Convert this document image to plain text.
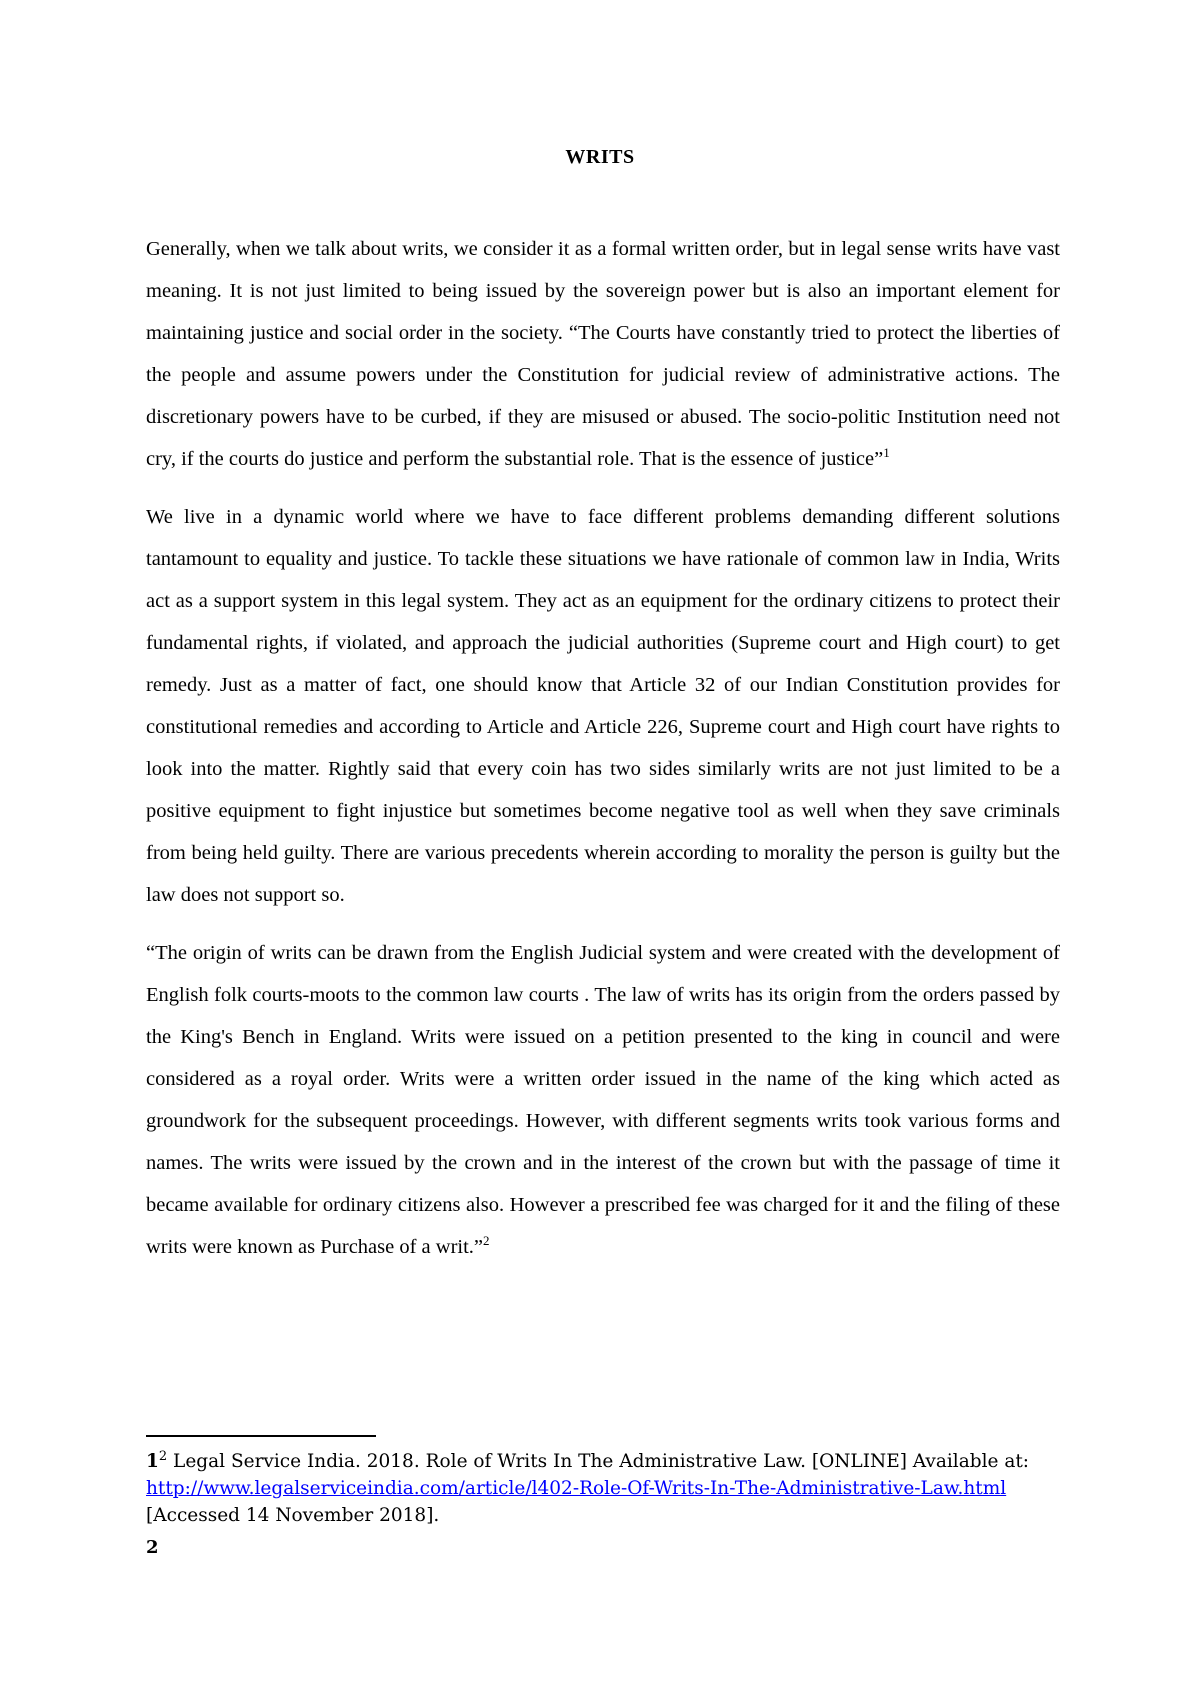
WRITS

Generally, when we talk about writs, we consider it as a formal written order, but in legal sense writs have vast meaning. It is not just limited to being issued by the sovereign power but is also an important element for maintaining justice and social order in the society. “The Courts have constantly tried to protect the liberties of the people and assume powers under the Constitution for judicial review of administrative actions. The discretionary powers have to be curbed, if they are misused or abused. The socio-politic Institution need not cry, if the courts do justice and perform the substantial role. That is the essence of justice”$^1$

We live in a dynamic world where we have to face different problems demanding different solutions tantamount to equality and justice. To tackle these situations we have rationale of common law in India, Writs act as a support system in this legal system. They act as an equipment for the ordinary citizens to protect their fundamental rights, if violated, and approach the judicial authorities (Supreme court and High court) to get remedy. Just as a matter of fact, one should know that Article 32 of our Indian Constitution provides for constitutional remedies and according to Article and Article 226, Supreme court and High court have rights to look into the matter. Rightly said that every coin has two sides similarly writs are not just limited to be a positive equipment to fight injustice but sometimes become negative tool as well when they save criminals from being held guilty. There are various precedents wherein according to morality the person is guilty but the law does not support so.

“The origin of writs can be drawn from the English Judicial system and were created with the development of English folk courts-moots to the common law courts . The law of writs has its origin from the orders passed by the King's Bench in England. Writs were issued on a petition presented to the king in council and were considered as a royal order. Writs were a written order issued in the name of the king which acted as groundwork for the subsequent proceedings. However, with different segments writs took various forms and names. The writs were issued by the crown and in the interest of the crown but with the passage of time it became available for ordinary citizens also. However a prescribed fee was charged for it and the filing of these writs were known as Purchase of a writ.”$^2$

$1^2$ Legal Service India. 2018. Role of Writs In The Administrative Law. [ONLINE] Available at: http://www.legalserviceindia.com/article/l402-Role-Of-Writs-In-The-Administrative-Law.html [Accessed 14 November 2018].

2
